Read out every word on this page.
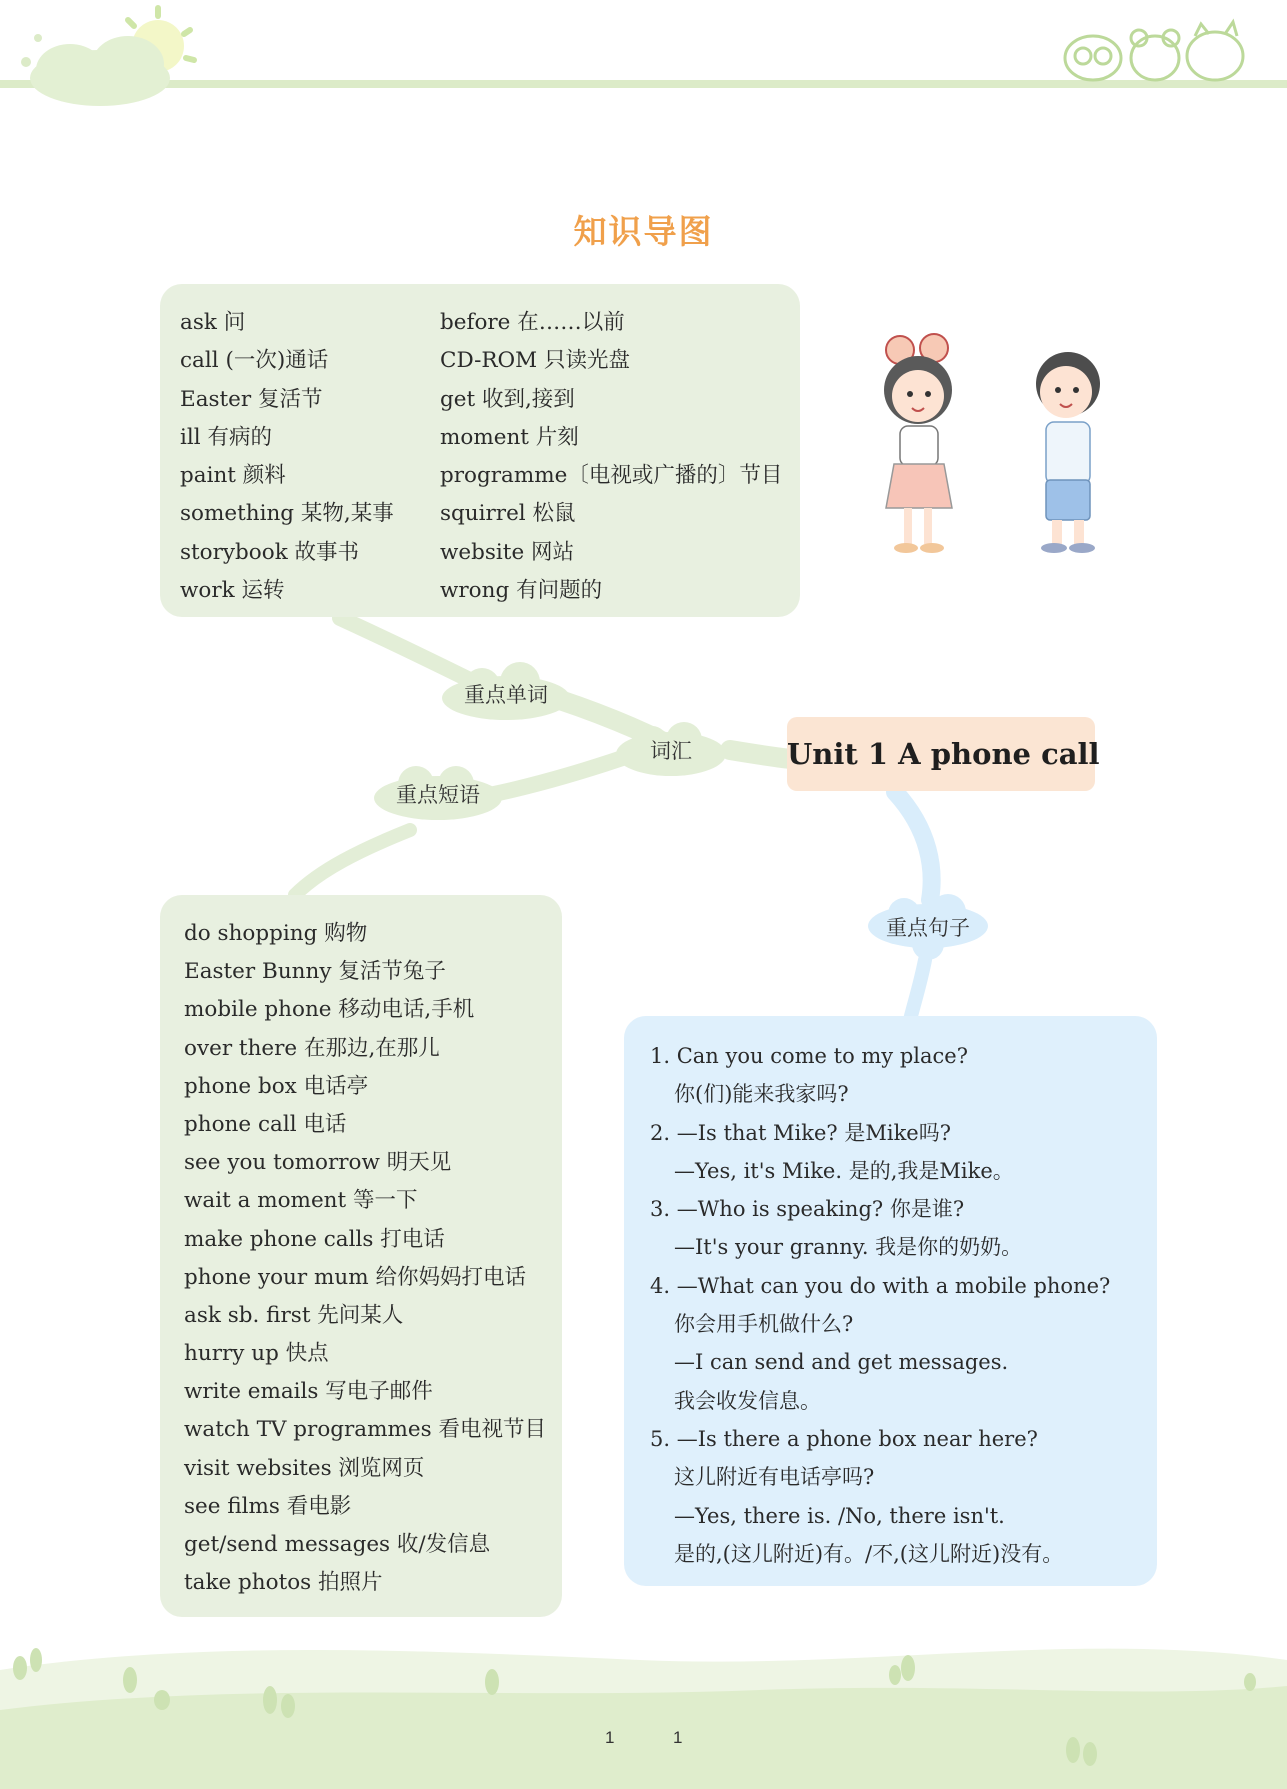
知识导图
ask 问
call (一次)通话
Easter 复活节
ill 有病的
paint 颜料
something 某物,某事
storybook 故事书
work 运转
before 在……以前
CD-ROM 只读光盘
get 收到,接到
moment 片刻
programme〔电视或广播的〕节目
squirrel 松鼠
website 网站
wrong 有问题的
重点单词
词汇
重点短语
重点句子
Unit 1 A phone call
do shopping 购物
Easter Bunny 复活节兔子
mobile phone 移动电话,手机
over there 在那边,在那儿
phone box 电话亭
phone call 电话
see you tomorrow 明天见
wait a moment 等一下
make phone calls 打电话
phone your mum 给你妈妈打电话
ask sb. first 先问某人
hurry up 快点
write emails 写电子邮件
watch TV programmes 看电视节目
visit websites 浏览网页
see films 看电影
get/send messages 收/发信息
take photos 拍照片
1. Can you come to my place?
你(们)能来我家吗?
2. —Is that Mike? 是Mike吗?
—Yes, it's Mike. 是的,我是Mike。
3. —Who is speaking? 你是谁?
—It's your granny. 我是你的奶奶。
4. —What can you do with a mobile phone?
你会用手机做什么?
—I can send and get messages.
我会收发信息。
5. —Is there a phone box near here?
这儿附近有电话亭吗?
—Yes, there is. /No, there isn't.
是的,(这儿附近)有。/不,(这儿附近)没有。
1	1
